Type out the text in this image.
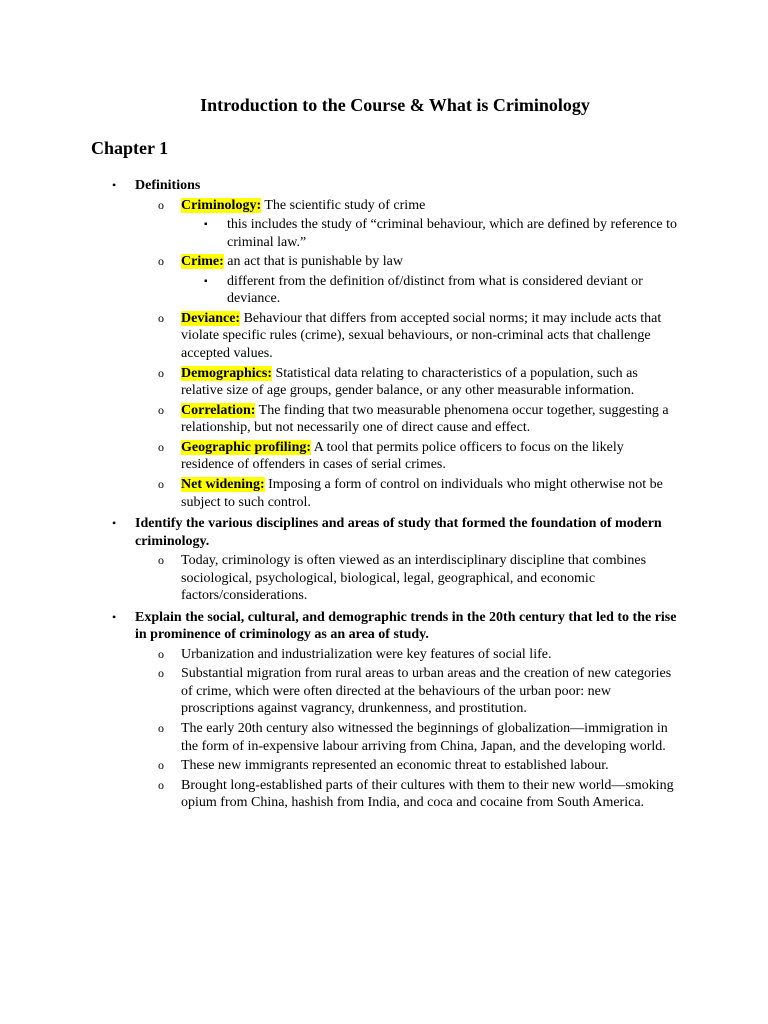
Introduction to the Course & What is Criminology
Chapter 1
• Definitions
o Criminology: The scientific study of crime
▪ this includes the study of “criminal behaviour, which are defined by reference to criminal law.”
o Crime: an act that is punishable by law
▪ different from the definition of/distinct from what is considered deviant or deviance.
o Deviance: Behaviour that differs from accepted social norms; it may include acts that violate specific rules (crime), sexual behaviours, or non-criminal acts that challenge accepted values.
o Demographics: Statistical data relating to characteristics of a population, such as relative size of age groups, gender balance, or any other measurable information.
o Correlation: The finding that two measurable phenomena occur together, suggesting a relationship, but not necessarily one of direct cause and effect.
o Geographic profiling: A tool that permits police officers to focus on the likely residence of offenders in cases of serial crimes.
o Net widening: Imposing a form of control on individuals who might otherwise not be subject to such control.
• Identify the various disciplines and areas of study that formed the foundation of modern criminology.
o Today, criminology is often viewed as an interdisciplinary discipline that combines sociological, psychological, biological, legal, geographical, and economic factors/considerations.
• Explain the social, cultural, and demographic trends in the 20th century that led to the rise in prominence of criminology as an area of study.
o Urbanization and industrialization were key features of social life.
o Substantial migration from rural areas to urban areas and the creation of new categories of crime, which were often directed at the behaviours of the urban poor: new proscriptions against vagrancy, drunkenness, and prostitution.
o The early 20th century also witnessed the beginnings of globalization—immigration in the form of in-expensive labour arriving from China, Japan, and the developing world.
o These new immigrants represented an economic threat to established labour.
o Brought long-established parts of their cultures with them to their new world—smoking opium from China, hashish from India, and coca and cocaine from South America.
